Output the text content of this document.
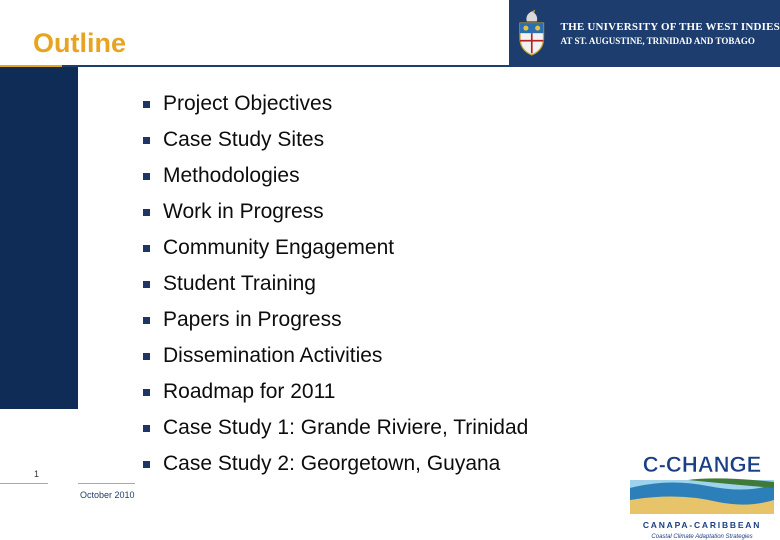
Outline
THE UNIVERSITY OF THE WEST INDIES
AT ST. AUGUSTINE, TRINIDAD AND TOBAGO
Project Objectives
Case Study Sites
Methodologies
Work in Progress
Community Engagement
Student Training
Papers in Progress
Dissemination Activities
Roadmap for 2011
Case Study 1: Grande Riviere, Trinidad
Case Study 2: Georgetown, Guyana
1
October 2010
C-CHANGE
CANAPA-CARIBBEAN
Coastal Climate Adaptation Strategies
